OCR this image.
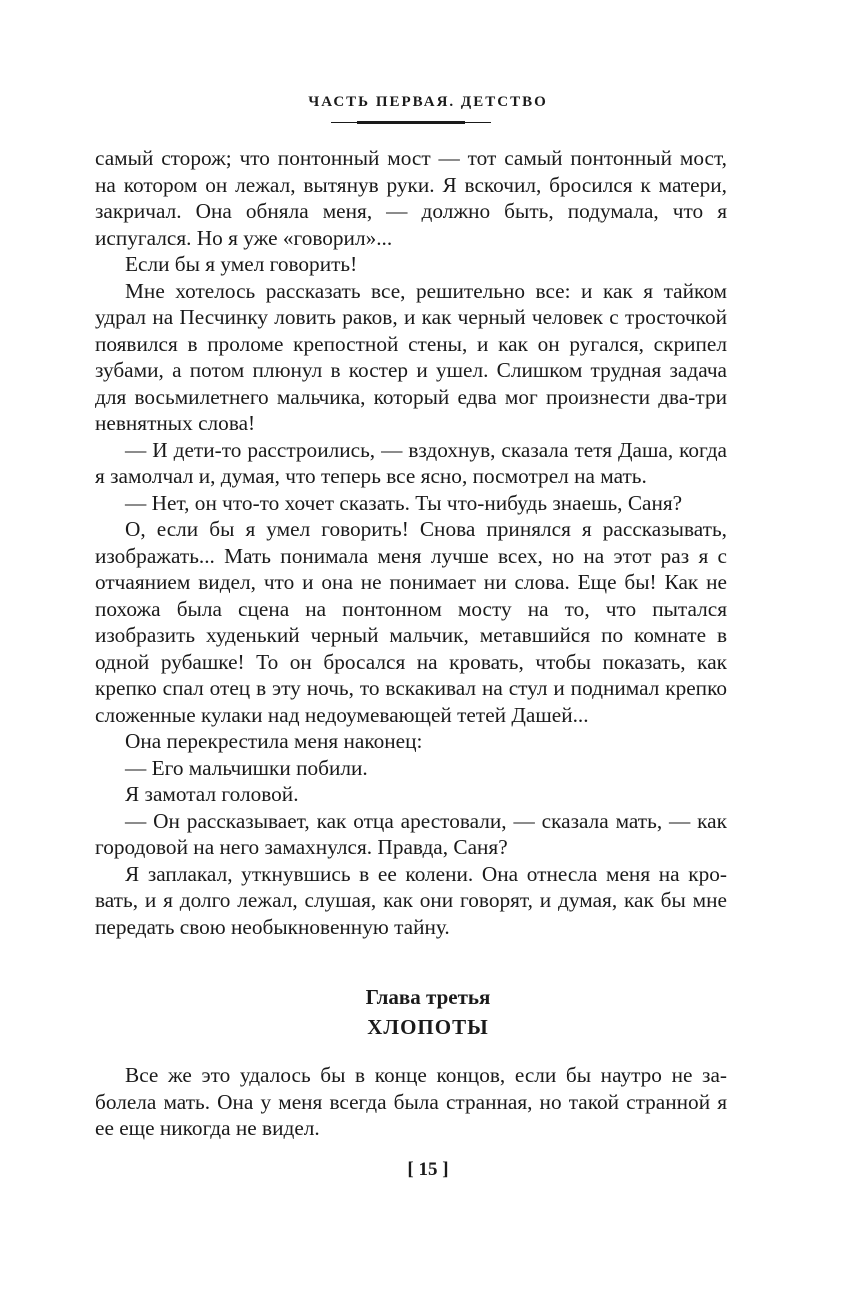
ЧАСТЬ ПЕРВАЯ. ДЕТСТВО

самый сторож; что понтонный мост — тот самый понтонный мост, на котором он лежал, вытянув руки. Я вскочил, бросился к матери, закричал. Она обняла меня, — должно быть, подумала, что я испугался. Но я уже «говорил»...

Если бы я умел говорить!

Мне хотелось рассказать все, решительно все: и как я тайком удрал на Песчинку ловить раков, и как черный человек с тросточкой появился в проломе крепостной стены, и как он ругался, скрипел зубами, а потом плюнул в костер и ушел. Слишком трудная задача для восьмилетнего мальчика, который едва мог произнести два-три невнятных слова!

— И дети-то расстроились, — вздохнув, сказала тетя Даша, когда я замолчал и, думая, что теперь все ясно, посмотрел на мать.

— Нет, он что-то хочет сказать. Ты что-нибудь знаешь, Саня?

О, если бы я умел говорить! Снова принялся я рассказывать, изображать... Мать понимала меня лучше всех, но на этот раз я с отчаянием видел, что и она не понимает ни слова. Еще бы! Как не похожа была сцена на понтонном мосту на то, что пытался изобразить худенький черный мальчик, метавшийся по комнате в одной рубашке! То он бросался на кровать, чтобы показать, как крепко спал отец в эту ночь, то вскакивал на стул и поднимал крепко сложенные кулаки над недоумевающей тетей Дашей...

Она перекрестила меня наконец:

— Его мальчишки побили.

Я замотал головой.

— Он рассказывает, как отца арестовали, — сказала мать, — как городовой на него замахнулся. Правда, Саня?

Я заплакал, уткнувшись в ее колени. Она отнесла меня на кровать, и я долго лежал, слушая, как они говорят, и думая, как бы мне передать свою необыкновенную тайну.

Глава третья
ХЛОПОТЫ

Все же это удалось бы в конце концов, если бы наутро не заболела мать. Она у меня всегда была странная, но такой странной я ее еще никогда не видел.

[ 15 ]
